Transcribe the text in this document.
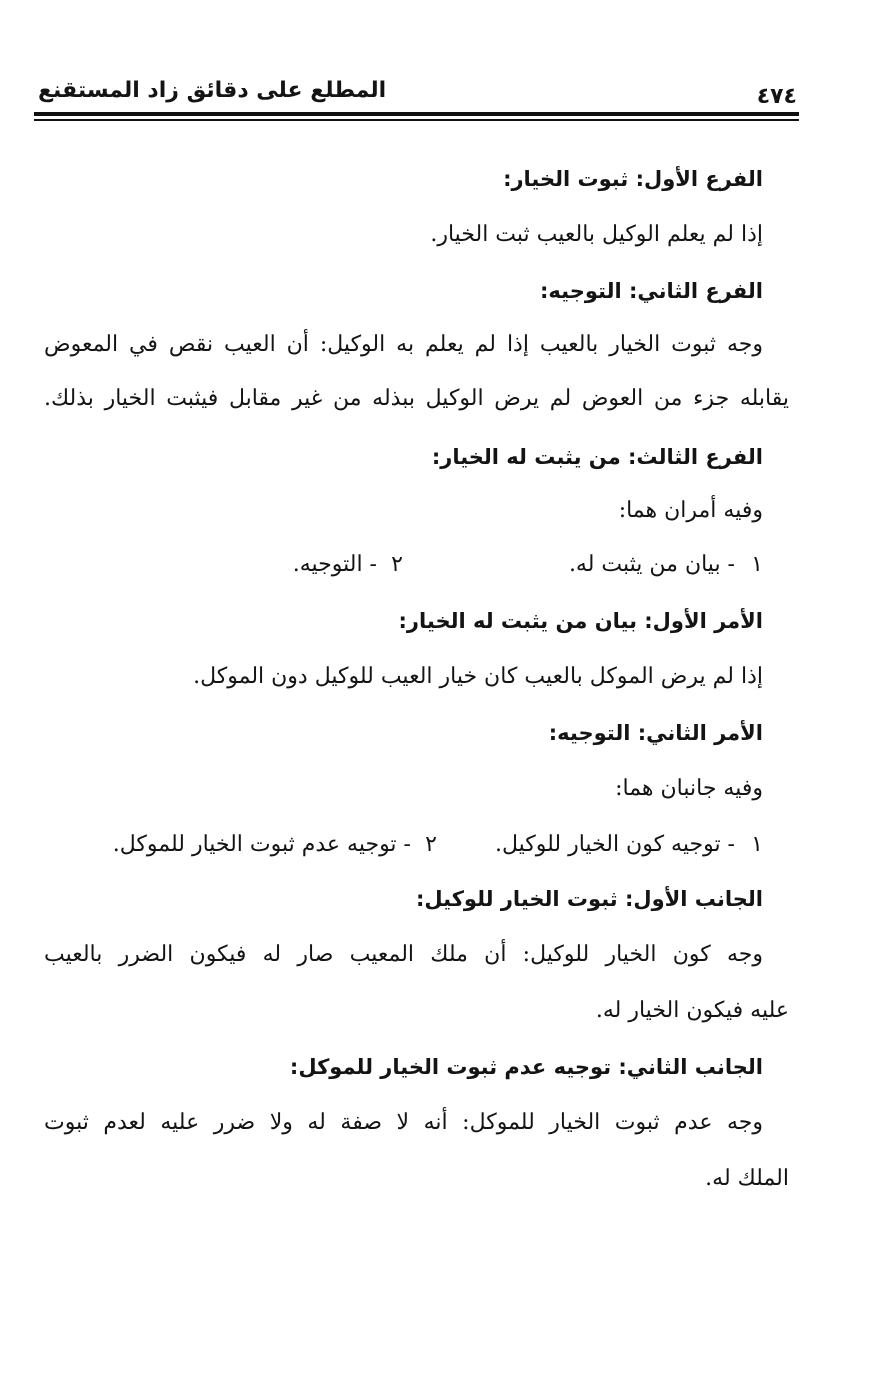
٤٧٤
المطلع على دقائق زاد المستقنع
الفرع الأول: ثبوت الخيار:
إذا لم يعلم الوكيل بالعيب ثبت الخيار.
الفرع الثاني: التوجيه:
وجه ثبوت الخيار بالعيب إذا لم يعلم به الوكيل: أن العيب نقص في المعوض
يقابله جزء من العوض لم يرض الوكيل ببذله من غير مقابل فيثبت الخيار بذلك.
الفرع الثالث: من يثبت له الخيار:
وفيه أمران هما:
١
- بيان من يثبت له.
٢
- التوجيه.
الأمر الأول: بيان من يثبت له الخيار:
إذا لم يرض الموكل بالعيب كان خيار العيب للوكيل دون الموكل.
الأمر الثاني: التوجيه:
وفيه جانبان هما:
١
- توجيه كون الخيار للوكيل.
٢
- توجيه عدم ثبوت الخيار للموكل.
الجانب الأول: ثبوت الخيار للوكيل:
وجه كون الخيار للوكيل: أن ملك المعيب صار له فيكون الضرر بالعيب
عليه فيكون الخيار له.
الجانب الثاني: توجيه عدم ثبوت الخيار للموكل:
وجه عدم ثبوت الخيار للموكل: أنه لا صفة له ولا ضرر عليه لعدم ثبوت
الملك له.
